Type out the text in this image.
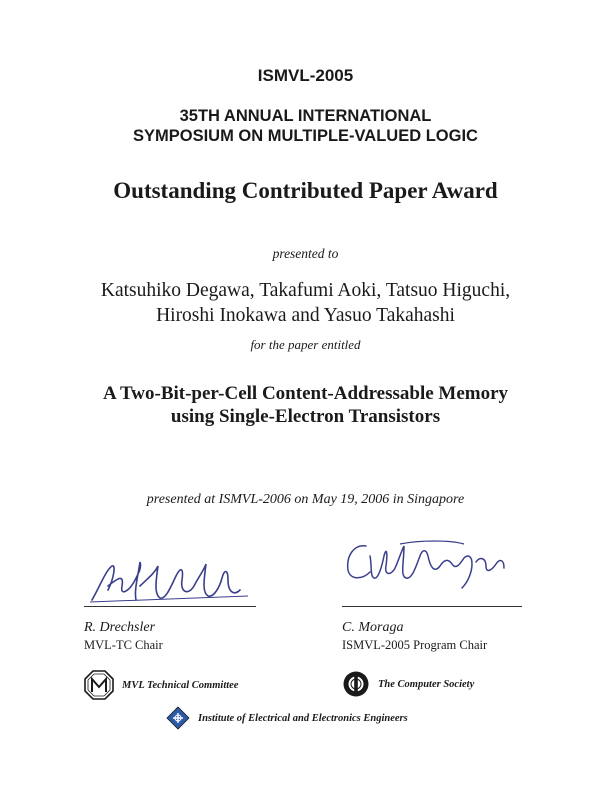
ISMVL-2005
35TH ANNUAL INTERNATIONAL
SYMPOSIUM ON MULTIPLE-VALUED LOGIC
Outstanding Contributed Paper Award
presented to
Katsuhiko Degawa, Takafumi Aoki, Tatsuo Higuchi,
Hiroshi Inokawa and Yasuo Takahashi
for the paper entitled
A Two-Bit-per-Cell Content-Addressable Memory
using Single-Electron Transistors
presented at ISMVL-2006 on May 19, 2006 in Singapore
R. Drechsler
MVL-TC Chair
C. Moraga
ISMVL-2005 Program Chair
MVL Technical Committee	The Computer Society
Institute of Electrical and Electronics Engineers
